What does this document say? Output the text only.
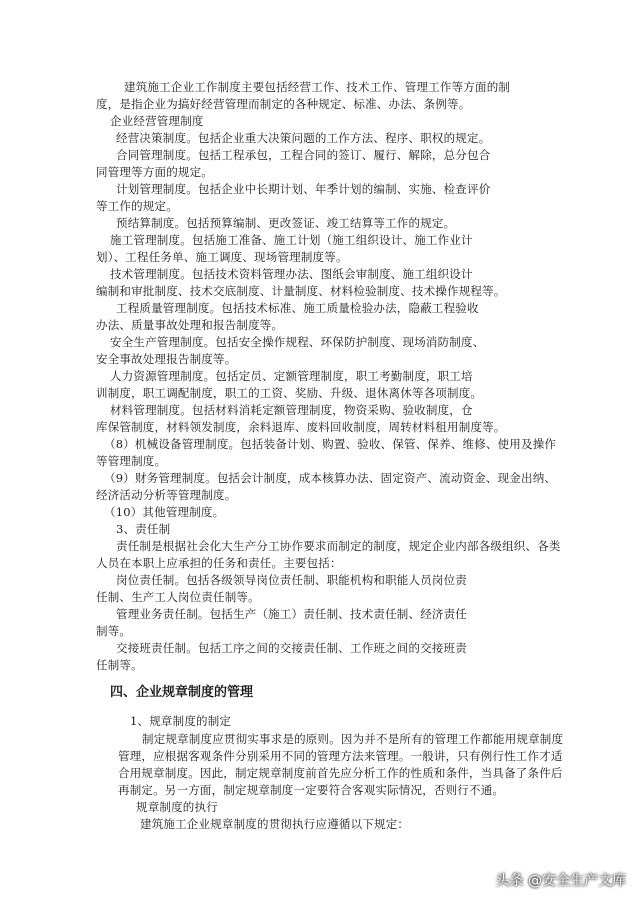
建筑施工企业工作制度主要包括经营工作、技术工作、管理工作等方面的制
度，是指企业为搞好经营管理而制定的各种规定、标准、办法、条例等。
企业经营管理制度
经营决策制度。包括企业重大决策问题的工作方法、程序、职权的规定。
合同管理制度。包括工程承包，工程合同的签订、履行、解除，总分包合
同管理等方面的规定。
计划管理制度。包括企业中长期计划、年季计划的编制、实施、检查评价
等工作的规定。
预结算制度。包括预算编制、更改签证、竣工结算等工作的规定。
施工管理制度。包括施工准备、施工计划（施工组织设计、施工作业计
划）、工程任务单、施工调度、现场管理制度等。
技术管理制度。包括技术资料管理办法、图纸会审制度、施工组织设计
编制和审批制度、技术交底制度、计量制度、材料检验制度、技术操作规程等。
工程质量管理制度。包括技术标准、施工质量检验办法，隐蔽工程验收
办法、质量事故处理和报告制度等。
安全生产管理制度。包括安全操作规程、环保防护制度、现场消防制度、
安全事故处理报告制度等。
人力资源管理制度。包括定员、定额管理制度，职工考勤制度，职工培
训制度，职工调配制度，职工的工资、奖励、升级、退休离休等各项制度。
材料管理制度。包括材料消耗定额管理制度，物资采购、验收制度，仓
库保管制度，材料领发制度，余料退库、废料回收制度，周转材料租用制度等。
（8）机械设备管理制度。包括装备计划、购置、验收、保管、保养、维修、使用及操作
等管理制度。
（9）财务管理制度。包括会计制度，成本核算办法、固定资产、流动资金、现金出纳、
经济活动分析等管理制度。
（10）其他管理制度。
3、责任制
责任制是根据社会化大生产分工协作要求而制定的制度，规定企业内部各级组织、各类
人员在本职上应承担的任务和责任。主要包括：
岗位责任制。包括各级领导岗位责任制、职能机构和职能人员岗位责
任制、生产工人岗位责任制等。
管理业务责任制。包括生产（施工）责任制、技术责任制、经济责任
制等。
交接班责任制。包括工序之间的交接责任制、工作班之间的交接班责
任制等。
四、企业规章制度的管理
1、规章制度的制定
制定规章制度应贯彻实事求是的原则。因为并不是所有的管理工作都能用规章制度
管理，应根据客观条件分别采用不同的管理方法来管理。一般讲，只有例行性工作才适
合用规章制度。因此，制定规章制度前首先应分析工作的性质和条件，当具备了条件后
再制定。另一方面，制定规章制度一定要符合客观实际情况，否则行不通。
规章制度的执行
建筑施工企业规章制度的贯彻执行应遵循以下规定：
头条 @安全生产文库
